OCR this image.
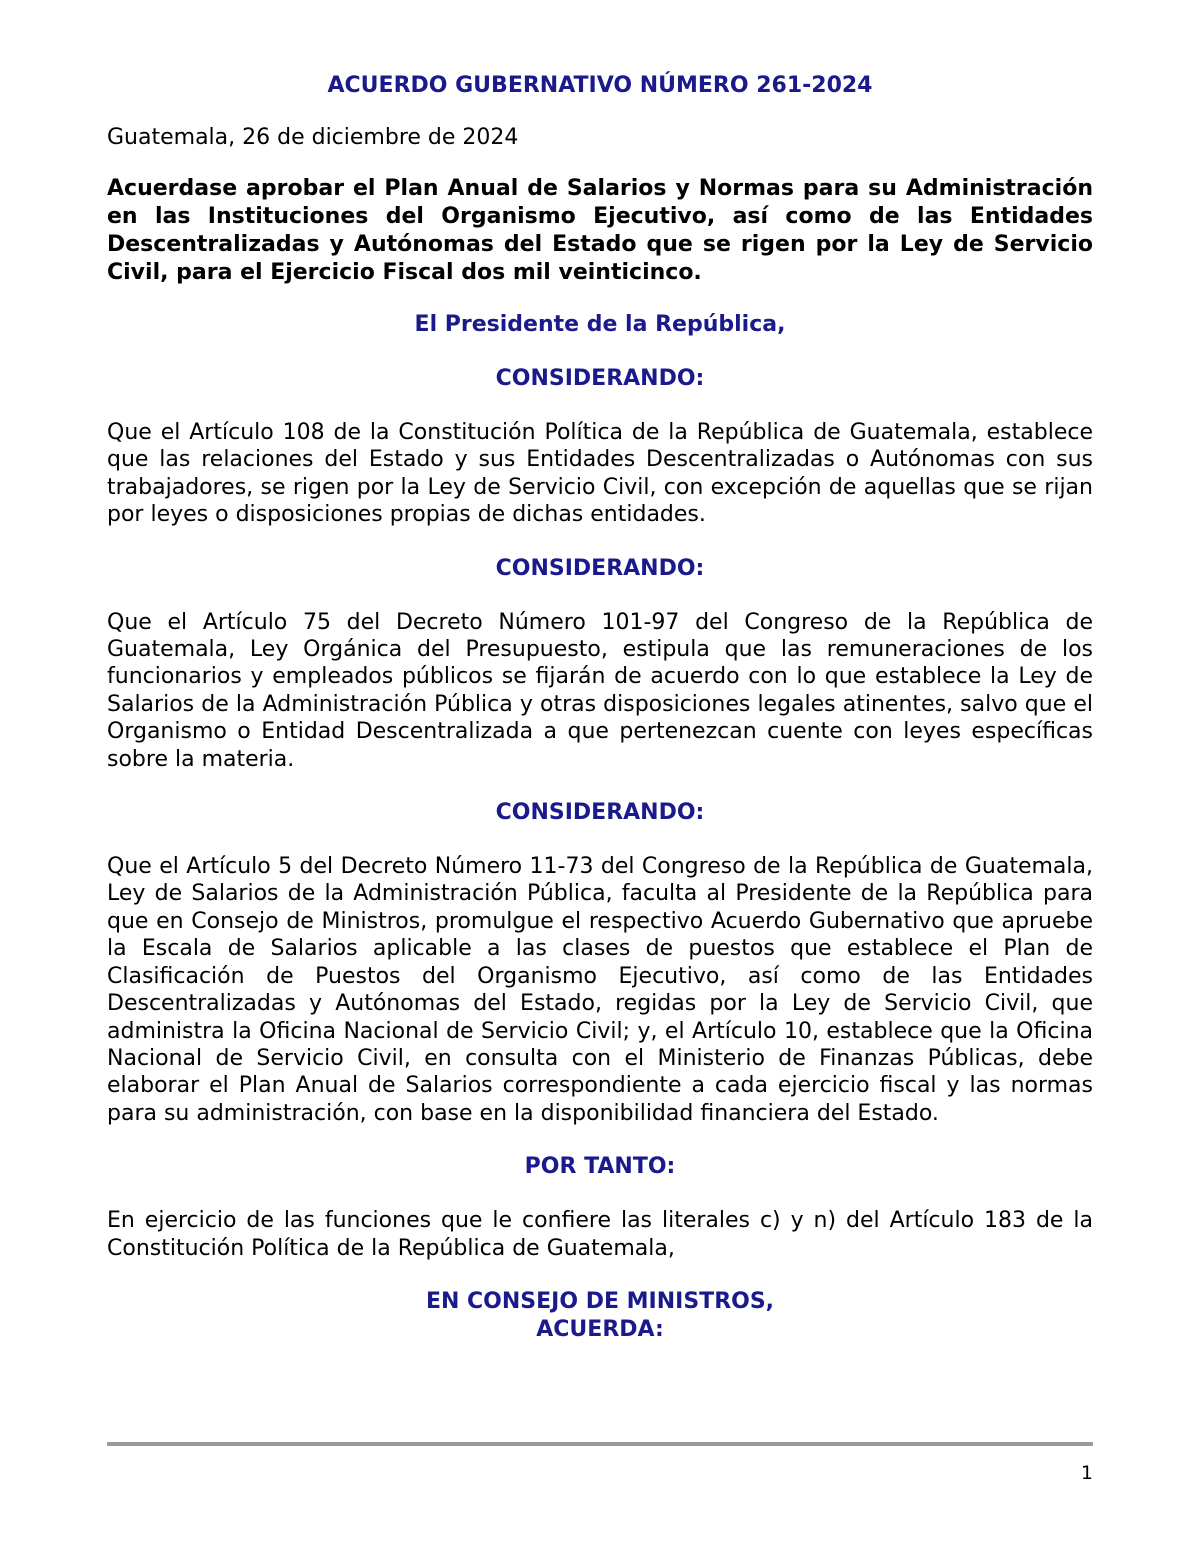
ACUERDO GUBERNATIVO NÚMERO 261-2024
Guatemala, 26 de diciembre de 2024
Acuerdase aprobar el Plan Anual de Salarios y Normas para su Administración en las Instituciones del Organismo Ejecutivo, así como de las Entidades Descentralizadas y Autónomas del Estado que se rigen por la Ley de Servicio Civil, para el Ejercicio Fiscal dos mil veinticinco.
El Presidente de la República,
CONSIDERANDO:
Que el Artículo 108 de la Constitución Política de la República de Guatemala, establece que las relaciones del Estado y sus Entidades Descentralizadas o Autónomas con sus trabajadores, se rigen por la Ley de Servicio Civil, con excepción de aquellas que se rijan por leyes o disposiciones propias de dichas entidades.
CONSIDERANDO:
Que el Artículo 75 del Decreto Número 101-97 del Congreso de la República de Guatemala, Ley Orgánica del Presupuesto, estipula que las remuneraciones de los funcionarios y empleados públicos se fijarán de acuerdo con lo que establece la Ley de Salarios de la Administración Pública y otras disposiciones legales atinentes, salvo que el Organismo o Entidad Descentralizada a que pertenezcan cuente con leyes específicas sobre la materia.
CONSIDERANDO:
Que el Artículo 5 del Decreto Número 11-73 del Congreso de la República de Guatemala, Ley de Salarios de la Administración Pública, faculta al Presidente de la República para que en Consejo de Ministros, promulgue el respectivo Acuerdo Gubernativo que apruebe la Escala de Salarios aplicable a las clases de puestos que establece el Plan de Clasificación de Puestos del Organismo Ejecutivo, así como de las Entidades Descentralizadas y Autónomas del Estado, regidas por la Ley de Servicio Civil, que administra la Oficina Nacional de Servicio Civil; y, el Artículo 10, establece que la Oficina Nacional de Servicio Civil, en consulta con el Ministerio de Finanzas Públicas, debe elaborar el Plan Anual de Salarios correspondiente a cada ejercicio fiscal y las normas para su administración, con base en la disponibilidad financiera del Estado.
POR TANTO:
En ejercicio de las funciones que le confiere las literales c) y n) del Artículo 183 de la Constitución Política de la República de Guatemala,
EN CONSEJO DE MINISTROS,
ACUERDA:
1
